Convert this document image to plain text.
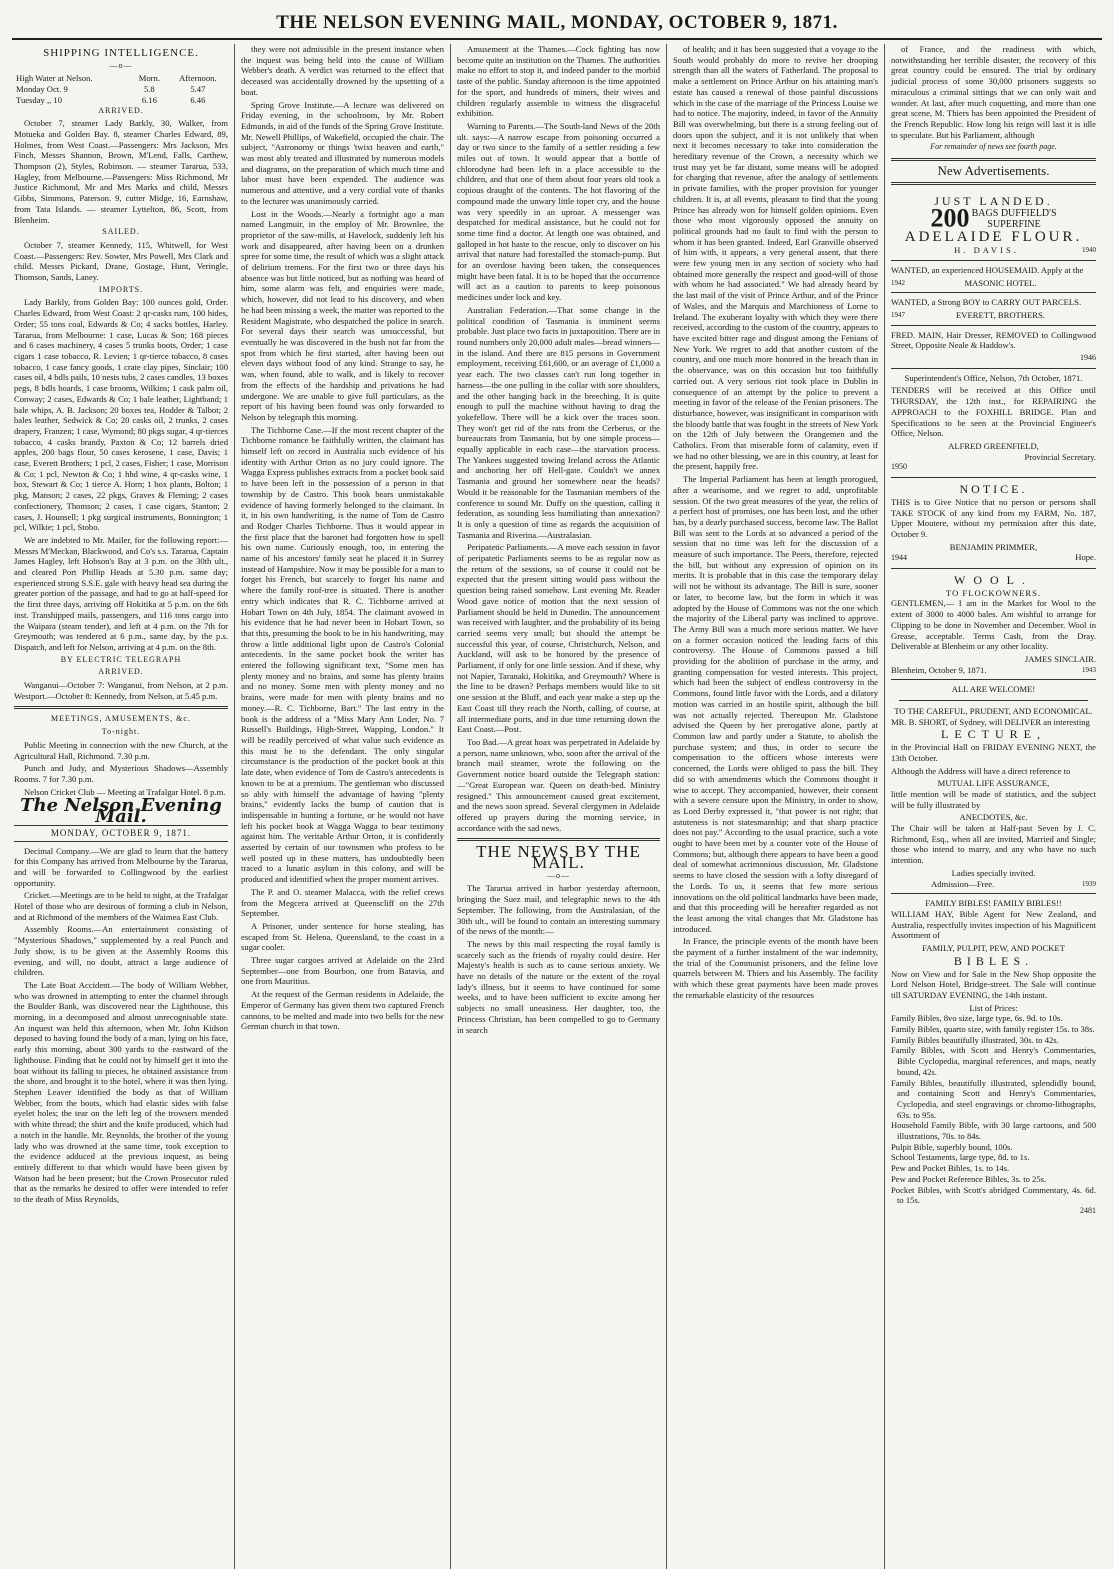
THE NELSON EVENING MAIL, MONDAY, OCTOBER 9, 1871.
SHIPPING INTELLIGENCE.
—o—
High Water at Nelson.	Morn.	Afternoon.
Monday Oct. 9	5.8	5.47
Tuesday ,, 10	6.16	6.46
ARRIVED.

October 7, steamer Lady Barkly, 30, Walker, from Motueka and Golden Bay. 8, steamer Charles Edward, 89, Holmes, from West Coast.—Passengers: Mrs Jackson, Mrs Finch, Messrs Shannon, Brown, M'Lend, Falls, Carthew, Thompson (2), Styles, Robinson. — steamer Tararua, 533, Hagley, from Melbourne.—Passengers: Miss Richmond, Mr Justice Richmond, Mr and Mrs Marks and child, Messrs Gibbs, Simmons, Paterson. 9, cutter Midge, 16, Earnshaw, from Tata Islands. — steamer Lyttelton, 86, Scott, from Blenheim.

SAILED.

October 7, steamer Kennedy, 115, Whitwell, for West Coast.—Passengers: Rev. Sowter, Mrs Powell, Mrs Clark and child. Messrs Pickard, Drane, Gostage, Hunt, Veringle, Thomson, Sands, Laney.

IMPORTS.

Lady Barkly, from Golden Bay: 100 ounces gold, Order. Charles Edward, from West Coast: 2 qr-casks rum, 100 hides, Order; 55 tons coal, Edwards & Co; 4 sacks bottles, Harley. Tararua, from Melbourne: 1 case, Lucas & Son; 168 pieces and 6 cases machinery, 4 cases 5 trunks boots, Order; 1 case cigars 1 case tobacco, R. Levien; 1 qr-tierce tobacco, 8 cases tobacco, 1 case fancy goods, 1 crate clay pipes, Sinclair; 100 cases oil, 4 bdls pails, 10 nests tubs, 2 cases candles, 13 boxes pegs, 8 bdls boards, 1 case brooms, Wilkins; 1 cask palm oil, Conway; 2 cases, Edwards & Co; 1 bale leather, Lightband; 1 bale whips, A. B. Jackson; 20 boxes tea, Hodder & Talbot; 2 bales leather, Sedwick & Co; 20 casks oil, 2 trunks, 2 cases drapery, Franzen; 1 case, Wymond; 80 pkgs sugar, 4 qr-tierces tobacco, 4 casks brandy, Paxton & Co; 12 barrels dried apples, 200 bags flour, 50 cases kerosene, 1 case, Davis; 1 case, Everett Brothers; 1 pcl, 2 cases, Fisher; 1 case, Morrison & Co; 1 pcl, Newton & Co; 1 hhd wine, 4 qr-casks wine, 1 box, Stewart & Co; 1 tierce A. Horn; 1 box plants, Bolton; 1 pkg, Manson; 2 cases, 22 pkgs, Graves & Fleming; 2 cases confectionery, Thomson; 2 cases, 1 case cigars, Stanton; 2 cases, J. Hounsell; 1 pkg surgical instruments, Bonnington; 1 pcl, Wilkie; 1 pcl, Stobo.

We are indebted to Mr. Mailer, for the following report:—Messrs M'Meckan, Blackwood, and Co's s.s. Tararua, Captain James Hagley, left Hobson's Bay at 3 p.m. on the 30th ult., and cleared Port Phillip Heads at 5.30 p.m. same day; experienced strong S.S.E. gale with heavy head sea during the greater portion of the passage, and had to go at half-speed for the first three days, arriving off Hokitika at 5 p.m. on the 6th inst. Transhipped mails, passengers, and 116 tons cargo into the Waipara (steam tender), and left at 4 p.m. on the 7th for Greymouth; was tendered at 6 p.m., same day, by the p.s. Dispatch, and left for Nelson, arriving at 4 p.m. on the 8th.

BY ELECTRIC TELEGRAPH
ARRIVED.

Wanganui—October 7: Wanganui, from Nelson, at 2 p.m. Westport.—October 8: Kennedy, from Nelson, at 5.45 p.m.

MEETINGS, AMUSEMENTS, &c.
To-night.

Public Meeting in connection with the new Church, at the Agricultural Hall, Richmond. 7.30 p.m.

Punch and Judy, and Mysterious Shadows—Assembly Rooms. 7 for 7.30 p.m.

Nelson Cricket Club — Meeting at Trafalgar Hotel. 8 p.m.

The Nelson Evening Mail.
MONDAY, OCTOBER 9, 1871.

Decimal Company.—We are glad to learn that the battery for this Company has arrived from Melbourne by the Tararua, and will be forwarded to Collingwood by the earliest opportunity.

Cricket.—Meetings are to be held to night, at the Trafalgar Hotel of those who are desirous of forming a club in Nelson, and at Richmond of the members of the Waimea East Club.

Assembly Rooms.—An entertainment consisting of "Mysterious Shadows," supplemented by a real Punch and Judy show, is to be given at the Assembly Rooms this evening, and will, no doubt, attract a large audience of children.

The Late Boat Accident.—The body of William Webber, who was drowned in attempting to enter the channel through the Boulder Bank, was discovered near the Lighthouse, this morning, in a decomposed and almost unrecognisable state. An inquest was held this afternoon, when Mr. John Kidson deposed to having found the body of a man, lying on his face, early this morning, about 300 yards to the eastward of the lighthouse. Finding that he could not by himself get it into the boat without its falling to pieces, he obtained assistance from the shore, and brought it to the hotel, where it was then lying. Stephen Leaver identified the body as that of William Webber, from the boots, which had elastic sides with false eyelet holes; the tear on the left leg of the trowsers mended with white thread; the shirt and the knife produced, which had a notch in the handle. Mr. Reynolds, the brother of the young lady who was drowned at the same time, took exception to the evidence adduced at the previous inquest, as being entirely different to that which would have been given by Watson had he been present; but the Crown Prosecutor ruled that as the remarks he desired to offer were intended to refer to the death of Miss Reynolds,

they were not admissible in the present instance when the inquest was being held into the cause of William Webber's death. A verdict was returned to the effect that deceased was accidentally drowned by the upsetting of a boat.

Spring Grove Institute.—A lecture was delivered on Friday evening, in the schoolroom, by Mr. Robert Edmunds, in aid of the funds of the Spring Grove Institute. Mr. Newell Phillips, of Wakefield, occupied the chair. The subject, "Astronomy or things 'twixt heaven and earth," was most ably treated and illustrated by numerous models and diagrams, on the preparation of which much time and labor must have been expended. The audience was numerous and attentive, and a very cordial vote of thanks to the lecturer was unanimously carried.

Lost in the Woods.—Nearly a fortnight ago a man named Langmuir, in the employ of Mr. Brownlee, the proprietor of the saw-mills, at Havelock, suddenly left his work and disappeared, after having been on a drunken spree for some time, the result of which was a slight attack of delirium tremens. For the first two or three days his absence was but little noticed, but as nothing was heard of him, some alarm was felt, and enquiries were made, which, however, did not lead to his discovery, and when he had been missing a week, the matter was reported to the Resident Magistrate, who despatched the police in search. For several days their search was unsuccessful, but eventually he was discovered in the bush not far from the spot from which he first started, after having been out eleven days without food of any kind. Strange to say, he was, when found, able to walk, and is likely to recover from the effects of the hardship and privations he had undergone. We are unable to give full particulars, as the report of his having been found was only forwarded to Nelson by telegraph this morning.

The Tichborne Case.—If the most recent chapter of the Tichborne romance be faithfully written, the claimant has himself left on record in Australia such evidence of his identity with Arthur Orton as no jury could ignore. The Wagga Express publishes extracts from a pocket book said to have been left in the possession of a person in that township by de Castro. This book bears unmistakable evidence of having formerly belonged to the claimant. In it, in his own handwriting, is the name of Tom de Castro and Rodger Charles Tichborne. Thus it would appear in the first place that the baronet had forgotten how to spell his own name. Curiously enough, too, in entering the name of his ancestors' family seat he placed it in Surrey instead of Hampshire. Now it may be possible for a man to forget his French, but scarcely to forget his name and where the family roof-tree is situated. There is another entry which indicates that R. C. Tichborne arrived at Hobart Town on 4th July, 1854. The claimant avowed in his evidence that he had never been in Hobart Town, so that this, presuming the book to be in his handwriting, may throw a little additional light upon de Castro's Colonial antecedents. In the same pocket book the writer has entered the following significant text, "Some men has plenty money and no brains, and some has plenty brains and no money. Some men with plenty money and no brains, were made for men with plenty brains and no money.—R. C. Tichborne, Bart." The last entry in the book is the address of a "Miss Mary Ann Loder, No. 7 Russell's Buildings, High-Street, Wapping, London." It will be readily perceived of what value such evidence as this must be to the defendant. The only singular circumstance is the production of the pocket book at this late date, when evidence of Tom de Castro's antecedents is known to be at a premium. The gentleman who discussed so ably with himself the advantage of having "plenty brains," evidently lacks the bump of caution that is indispensable in hunting a fortune, or he would not have left his pocket book at Wagga Wagga to bear testimony against him. The veritable Arthur Orton, it is confidently asserted by certain of our townsmen who profess to be well posted up in these matters, has undoubtedly been traced to a lunatic asylum in this colony, and will be produced and identified when the proper moment arrives.

The P. and O. steamer Malacca, with the relief crews from the Megcera arrived at Queenscliff on the 27th September.

A Prisoner, under sentence for horse stealing, has escaped from St. Helena, Queensland, to the coast in a sugar cooler.

Three sugar cargoes arrived at Adelaide on the 23rd September—one from Bourbon, one from Batavia, and one from Mauritius.

At the request of the German residents in Adelaide, the Emperor of Germany has given them two captured French cannons, to be melted and made into two bells for the new German church in that town.

Amusement at the Thames.—Cock fighting has now become quite an institution on the Thames. The authorities make no effort to stop it, and indeed pander to the morbid taste of the public. Sunday afternoon is the time appointed for the sport, and hundreds of miners, their wives and children regularly assemble to witness the disgraceful exhibition.

Warning to Parents.—The South-land News of the 20th ult. says:—A narrow escape from poisoning occurred a day or two since to the family of a settler residing a few miles out of town. It would appear that a bottle of chlorodyne had been left in a place accessible to the children, and that one of them about four years old took a copious draught of the contents. The hot flavoring of the compound made the unwary little toper cry, and the house was very speedily in an uproar. A messenger was despatched for medical assistance, but he could not for some time find a doctor. At length one was obtained, and galloped in hot haste to the rescue, only to discover on his arrival that nature had forestalled the stomach-pump. But for an overdose having been taken, the consequences might have been fatal. It is to be hoped that the occurrence will act as a caution to parents to keep poisonous medicines under lock and key.

Australian Federation.—That some change in the political condition of Tasmania is imminent seems probable. Just place two facts in juxtaposition. There are in round numbers only 20,000 adult males—bread winners—in the island. And there are 815 persons in Government employment, receiving £61,600, or an average of £1,000 a year each. The two classes can't run long together in harness—the one pulling in the collar with sore shoulders, and the other hanging back in the breeching. It is quite enough to pull the machine without having to drag the yokefellow. There will be a kick over the traces soon. They won't get rid of the rats from the Cerberus, or the bureaucrats from Tasmania, but by one simple process—equally applicable in each case—the starvation process. The Yankees suggested towing Ireland across the Atlantic and anchoring her off Hell-gate. Couldn't we annex Tasmania and ground her somewhere near the heads? Would it be reasonable for the Tasmanian members of the conference to sound Mr. Duffy on the question, calling it federation, as sounding less humiliating than annexation? It is only a question of time as regards the acquisition of Tasmania and Riverina.—Australasian.

Peripatetic Parliaments.—A move each session in favor of peripatetic Parliaments seems to be as regular now as the return of the sessions, so of course it could not be expected that the present sitting would pass without the question being raised somehow. Last evening Mr. Reader Wood gave notice of motion that the next session of Parliament should be held in Dunedin. The announcement was received with laughter, and the probability of its being carried seems very small; but should the attempt be successful this year, of course, Christchurch, Nelson, and Auckland, will ask to be honored by the presence of Parliament, if only for one little session. And if these, why not Napier, Taranaki, Hokitika, and Greymouth? Where is the line to be drawn? Perhaps members would like to sit one session at the Bluff, and each year make a step up the East Coast till they reach the North, calling, of course, at all intermediate ports, and in due time returning down the East Coast.—Post.

Too Bad.—A great hoax was perpetrated in Adelaide by a person, name unknown, who, soon after the arrival of the branch mail steamer, wrote the following on the Government notice board outside the Telegraph station:—"Great European war. Queen on death-bed. Ministry resigned." This announcement caused great excitement, and the news soon spread. Several clergymen in Adelaide offered up prayers during the morning service, in accordance with the sad news.

THE NEWS BY THE MAIL.
—o—

The Tararua arrived in harbor yesterday afternoon, bringing the Suez mail, and telegraphic news to the 4th September. The following, from the Australasian, of the 30th ult., will be found to contain an interesting summary of the news of the month:—

The news by this mail respecting the royal family is scarcely such as the friends of royalty could desire. Her Majesty's health is such as to cause serious anxiety. We have no details of the nature or the extent of the royal lady's illness, but it seems to have continued for some weeks, and to have been sufficient to excite among her subjects no small uneasiness. Her daughter, too, the Princess Christian, has been compelled to go to Germany in search

of health; and it has been suggested that a voyage to the South would probably do more to revive her drooping strength than all the waters of Fatherland. The proposal to make a settlement on Prince Arthur on his attaining man's estate has caused a renewal of those painful discussions which in the case of the marriage of the Princess Louise we had to notice. The majority, indeed, in favor of the Annuity Bill was overwhelming, but there is a strong feeling out of doors upon the subject, and it is not unlikely that when next it becomes necessary to take into consideration the hereditary revenue of the Crown, a necessity which we trust may yet be far distant, some means will be adopted for charging that revenue, after the analogy of settlements in private families, with the proper provision for younger children. It is, at all events, pleasant to find that the young Prince has already won for himself golden opinions. Even those who most vigorously opposed the annuity on political grounds had no fault to find with the person to whom it has been granted. Indeed, Earl Granville observed of him with, it appears, a very general assent, that there were few young men in any section of society who had obtained more generally the respect and good-will of those with whom he had associated." We had already heard by the last mail of the visit of Prince Arthur, and of the Prince of Wales, and the Marquis and Marchioness of Lorne to Ireland. The exuberant loyalty with which they were there received, according to the custom of the country, appears to have excited bitter rage and disgust among the Fenians of New York. We regret to add that another custom of the country, and one much more honored in the breach than in the observance, was on this occasion but too faithfully carried out. A very serious riot took place in Dublin in consequence of an attempt by the police to prevent a meeting in favor of the release of the Fenian prisoners. The disturbance, however, was insignificant in comparison with the bloody battle that was fought in the streets of New York on the 12th of July between the Orangemen and the Catholics. From that miserable form of calamity, even if we had no other blessing, we are in this country, at least for the present, happily free.

The Imperial Parliament has been at length prorogued, after a wearisome, and we regret to add, unprofitable session. Of the two great measures of the year, the relics of a perfect host of promises, one has been lost, and the other has, by a dearly purchased success, become law. The Ballot Bill was sent to the Lords at so advanced a period of the session that no time was left for the discussion of a measure of such importance. The Peers, therefore, rejected the bill, but without any expression of opinion on its merits. It is probable that in this case the temporary delay will not be without its advantage. The Bill is sure, sooner or later, to become law, but the form in which it was adopted by the House of Commons was not the one which the majority of the Liberal party was inclined to approve. The Army Bill was a much more serious matter. We have on a former occasion noticed the leading facts of this controversy. The House of Commons passed a bill providing for the abolition of purchase in the army, and granting compensation for vested interests. This project, which had been the subject of endless controversy in the Commons, found little favor with the Lords, and a dilatory motion was carried in an hostile spirit, although the bill was not actually rejected. Thereupon Mr. Gladstone advised the Queen by her prerogative alone, partly at Common law and partly under a Statute, to abolish the purchase system; and thus, in order to secure the compensation to the officers whose interests were concerned, the Lords were obliged to pass the bill. They did so with amendments which the Commons thought it wise to accept. They accompanied, however, their consent with a severe censure upon the Ministry, in order to show, as Lord Derby expressed it, "that power is not right; that astuteness is not statesmanship; and that sharp practice does not pay." According to the usual practice, such a vote ought to have been met by a counter vote of the House of Commons; but, although there appears to have been a good deal of somewhat acrimonious discussion, Mr. Gladstone seems to have closed the session with a lofty disregard of the Lords. To us, it seems that few more serious innovations on the old political landmarks have been made, and that this proceeding will be hereafter regarded as not the least among the vital changes that Mr. Gladstone has introduced.

In France, the principle events of the month have been the payment of a further instalment of the war indemnity, the trial of the Communist prisoners, and the feline love quarrels between M. Thiers and his Assembly. The facility with which these great payments have been made proves the remarkable elasticity of the resources

of France, and the readiness with which, notwithstanding her terrible disaster, the recovery of this great country could be ensured. The trial by ordinary judicial process of some 30,000 prisoners suggests so miraculous a criminal sittings that we can only wait and wonder. At last, after much coquetting, and more than one great scene, M. Thiers has been appointed the President of the French Republic. How long his reign will last it is idle to speculate. But his Parliament, although

For remainder of news see fourth page.

New Advertisements.
JUST LANDED.
200 BAGS DUFFIELD'S
SUPERFINE
ADELAIDE FLOUR.
H. DAVIS.	1940

WANTED, an experienced HOUSEMAID. Apply at the

1942	MASONIC HOTEL.

WANTED, a Strong BOY to CARRY OUT PARCELS.

1947	EVERETT, BROTHERS.

FRED. MAIN, Hair Dresser, REMOVED to Collingwood Street, Opposite Neale & Haddow's.

1946

Superintendent's Office, Nelson, 7th October, 1871.

TENDERS will be received at this Office until THURSDAY, the 12th inst., for REPAIRING the APPROACH to the FOXHILL BRIDGE. Plan and Specifications to be seen at the Provincial Engineer's Office, Nelson.

ALFRED GREENFIELD,
Provincial Secretary.
1950
NOTICE.

THIS is to Give Notice that no person or persons shall TAKE STOCK of any kind from my FARM, No. 187, Upper Moutere, without my permission after this date, October 9.

BENJAMIN PRIMMER,
1944	Hope.
WOOL.
TO FLOCKOWNERS.

GENTLEMEN,— I am in the Market for Wool to the extent of 3000 to 4000 bales. Am wishful to arrange for Clipping to be done in November and December. Wool in Grease, acceptable. Terms Cash, from the Dray. Deliverable at Blenheim or any other locality.

JAMES SINCLAIR.
Blenheim, October 9, 1871.	1943
ALL ARE WELCOME!
TO THE CAREFUL, PRUDENT, AND ECONOMICAL.

MR. B. SHORT, of Sydney, will DELIVER an interesting

LECTURE,

in the Provincial Hall on FRIDAY EVENING NEXT, the 13th October.

Although the Address will have a direct reference to

MUTUAL LIFE ASSURANCE,

little mention will be made of statistics, and the subject will be fully illustrated by

ANECDOTES, &c.

The Chair will be taken at Half-past Seven by J. C. Richmond, Esq., when all are invited, Married and Single; those who intend to marry, and any who have no such intention.

Ladies specially invited.
Admission—Free.	1939
FAMILY BIBLES! FAMILY BIBLES!!

WILLIAM HAY, Bible Agent for New Zealand, and Australia, respectfully invites inspection of his Magnificent Assortment of

FAMILY, PULPIT, PEW, AND POCKET
BIBLES.

Now on View and for Sale in the New Shop opposite the Lord Nelson Hotel, Bridge-street. The Sale will continue till SATURDAY EVENING, the 14th instant.

List of Prices:
Family Bibles, 8vo size, large type, 6s. 9d. to 10s.
Family Bibles, quarto size, with family register 15s. to 38s.
Family Bibles beautifully illustrated, 30s. to 42s.
Family Bibles, with Scott and Henry's Commentaries, Bible Cyclopedia, marginal references, and maps, neatly bound, 42s.
Family Bibles, beautifully illustrated, splendidly bound, and containing Scott and Henry's Commentaries, Cyclopedia, and steel engravings or chromo-lithographs, 63s. to 95s.
Household Family Bible, with 30 large cartoons, and 500 illustrations, 70s. to 84s.
Pulpit Bible, superbly bound, 100s.
School Testaments, large type, 8d. to 1s.
Pew and Pocket Bibles, 1s. to 14s.
Pew and Pocket Reference Bibles, 3s. to 25s.
Pocket Bibles, with Scott's abridged Commentary, 4s. 6d. to 15s.
2481
